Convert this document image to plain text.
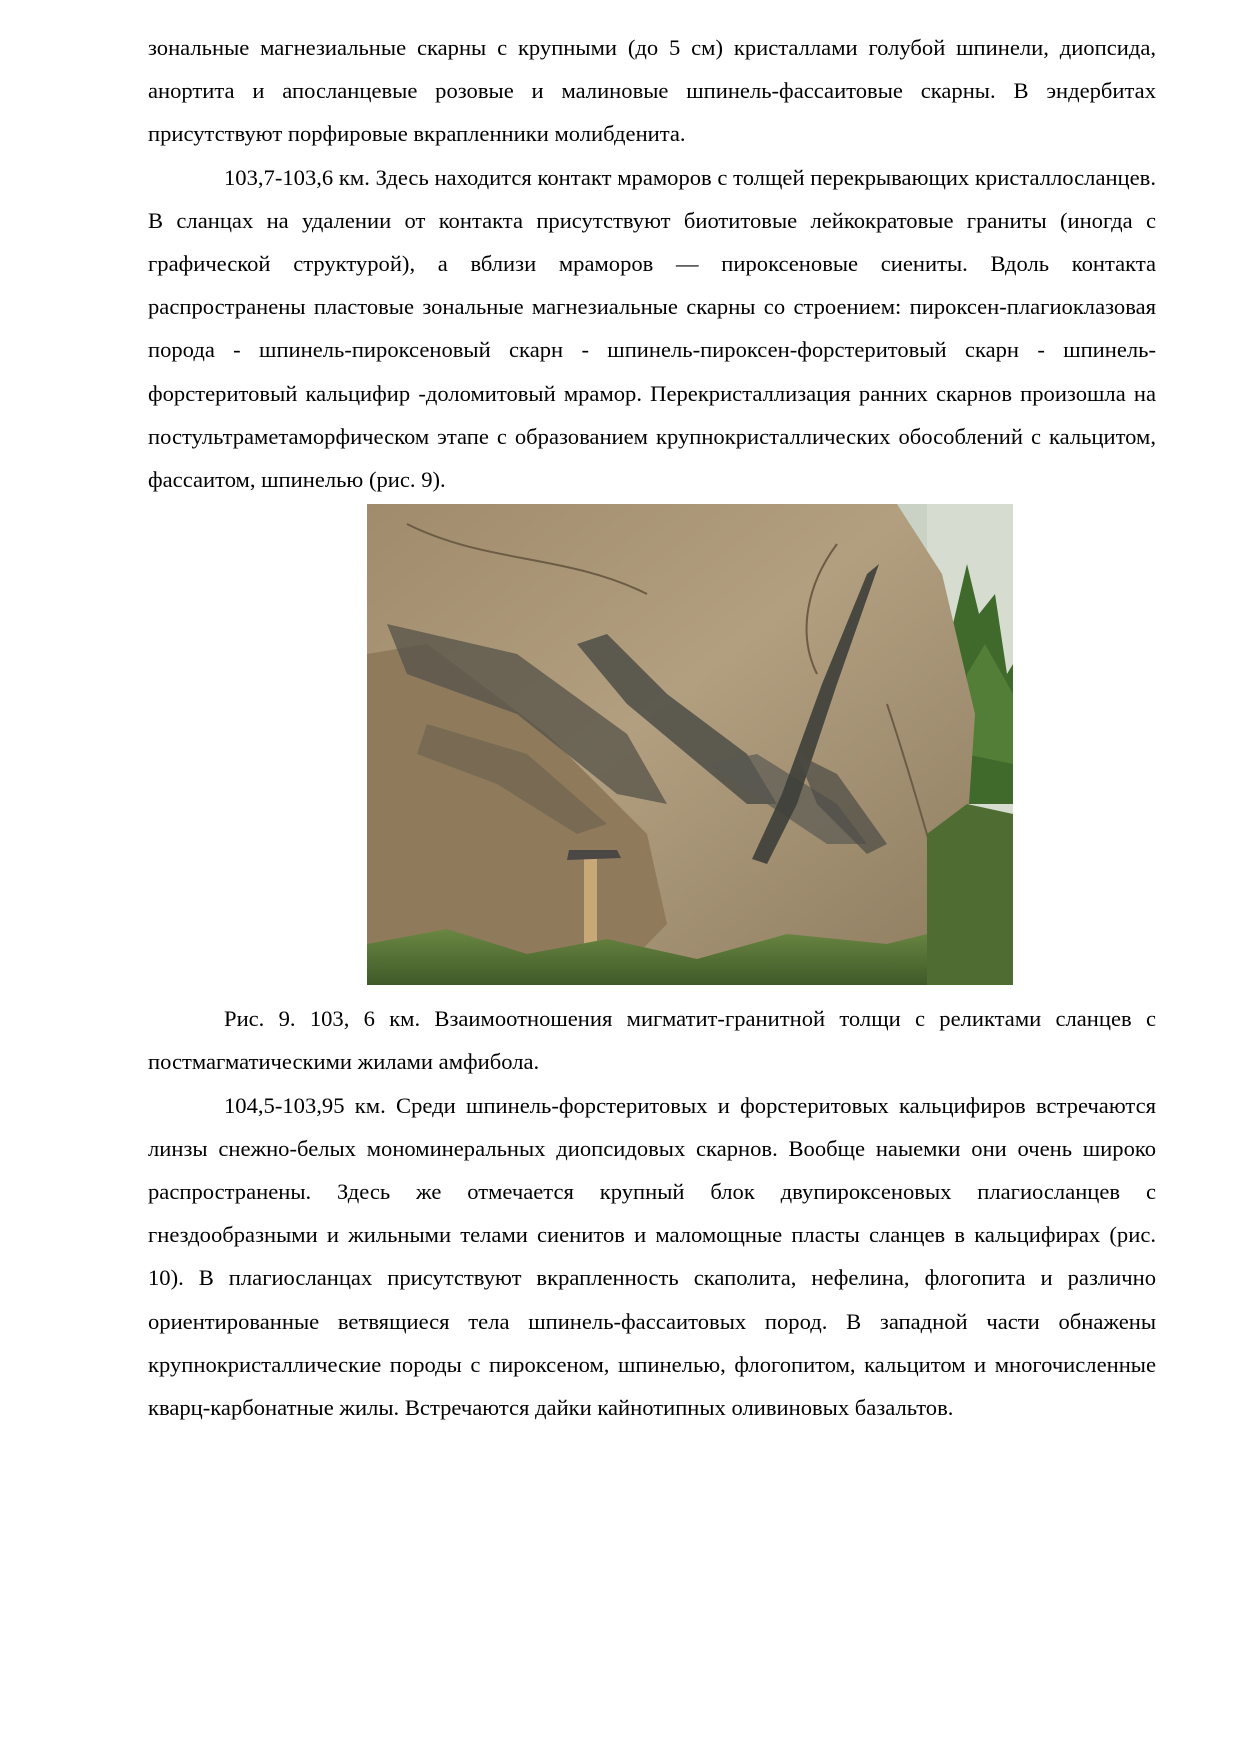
зональные магнезиальные скарны с крупными (до 5 см) кристаллами голубой шпинели, диопсида, анортита и апосланцевые розовые и малиновые шпинель-фассаитовые скарны. В эндербитах присутствуют порфировые вкрапленники молибденита.

103,7-103,6 км. Здесь находится контакт мраморов с толщей перекрывающих кристаллосланцев. В сланцах на удалении от контакта присутствуют биотитовые лейкократовые граниты (иногда с графической структурой), а вблизи мраморов — пироксеновые сиениты. Вдоль контакта распространены пластовые зональные магнезиальные скарны со строением: пироксен-плагиоклазовая порода - шпинель-пироксеновый скарн - шпинель-пироксен-форстеритовый скарн - шпинель-форстеритовый кальцифир -доломитовый мрамор. Перекристаллизация ранних скарнов произошла на постультраметаморфическом этапе с образованием крупнокристаллических обособлений с кальцитом, фассаитом, шпинелью (рис. 9).

Рис. 9. 103, 6 км. Взаимоотношения мигматит-гранитной толщи с реликтами сланцев с постмагматическими жилами амфибола.

104,5-103,95 км. Среди шпинель-форстеритовых и форстеритовых кальцифиров встречаются линзы снежно-белых мономинеральных диопсидовых скарнов. Вообще наыемки они очень широко распространены. Здесь же отмечается крупный блок двупироксеновых плагиосланцев с гнездообразными и жильными телами сиенитов и маломощные пласты сланцев в кальцифирах (рис. 10). В плагиосланцах присутствуют вкрапленность скаполита, нефелина, флогопита и различно ориентированные ветвящиеся тела шпинель-фассаитовых пород. В западной части обнажены крупнокристаллические породы с пироксеном, шпинелью, флогопитом, кальцитом и многочисленные кварц-карбонатные жилы. Встречаются дайки кайнотипных оливиновых базальтов.
